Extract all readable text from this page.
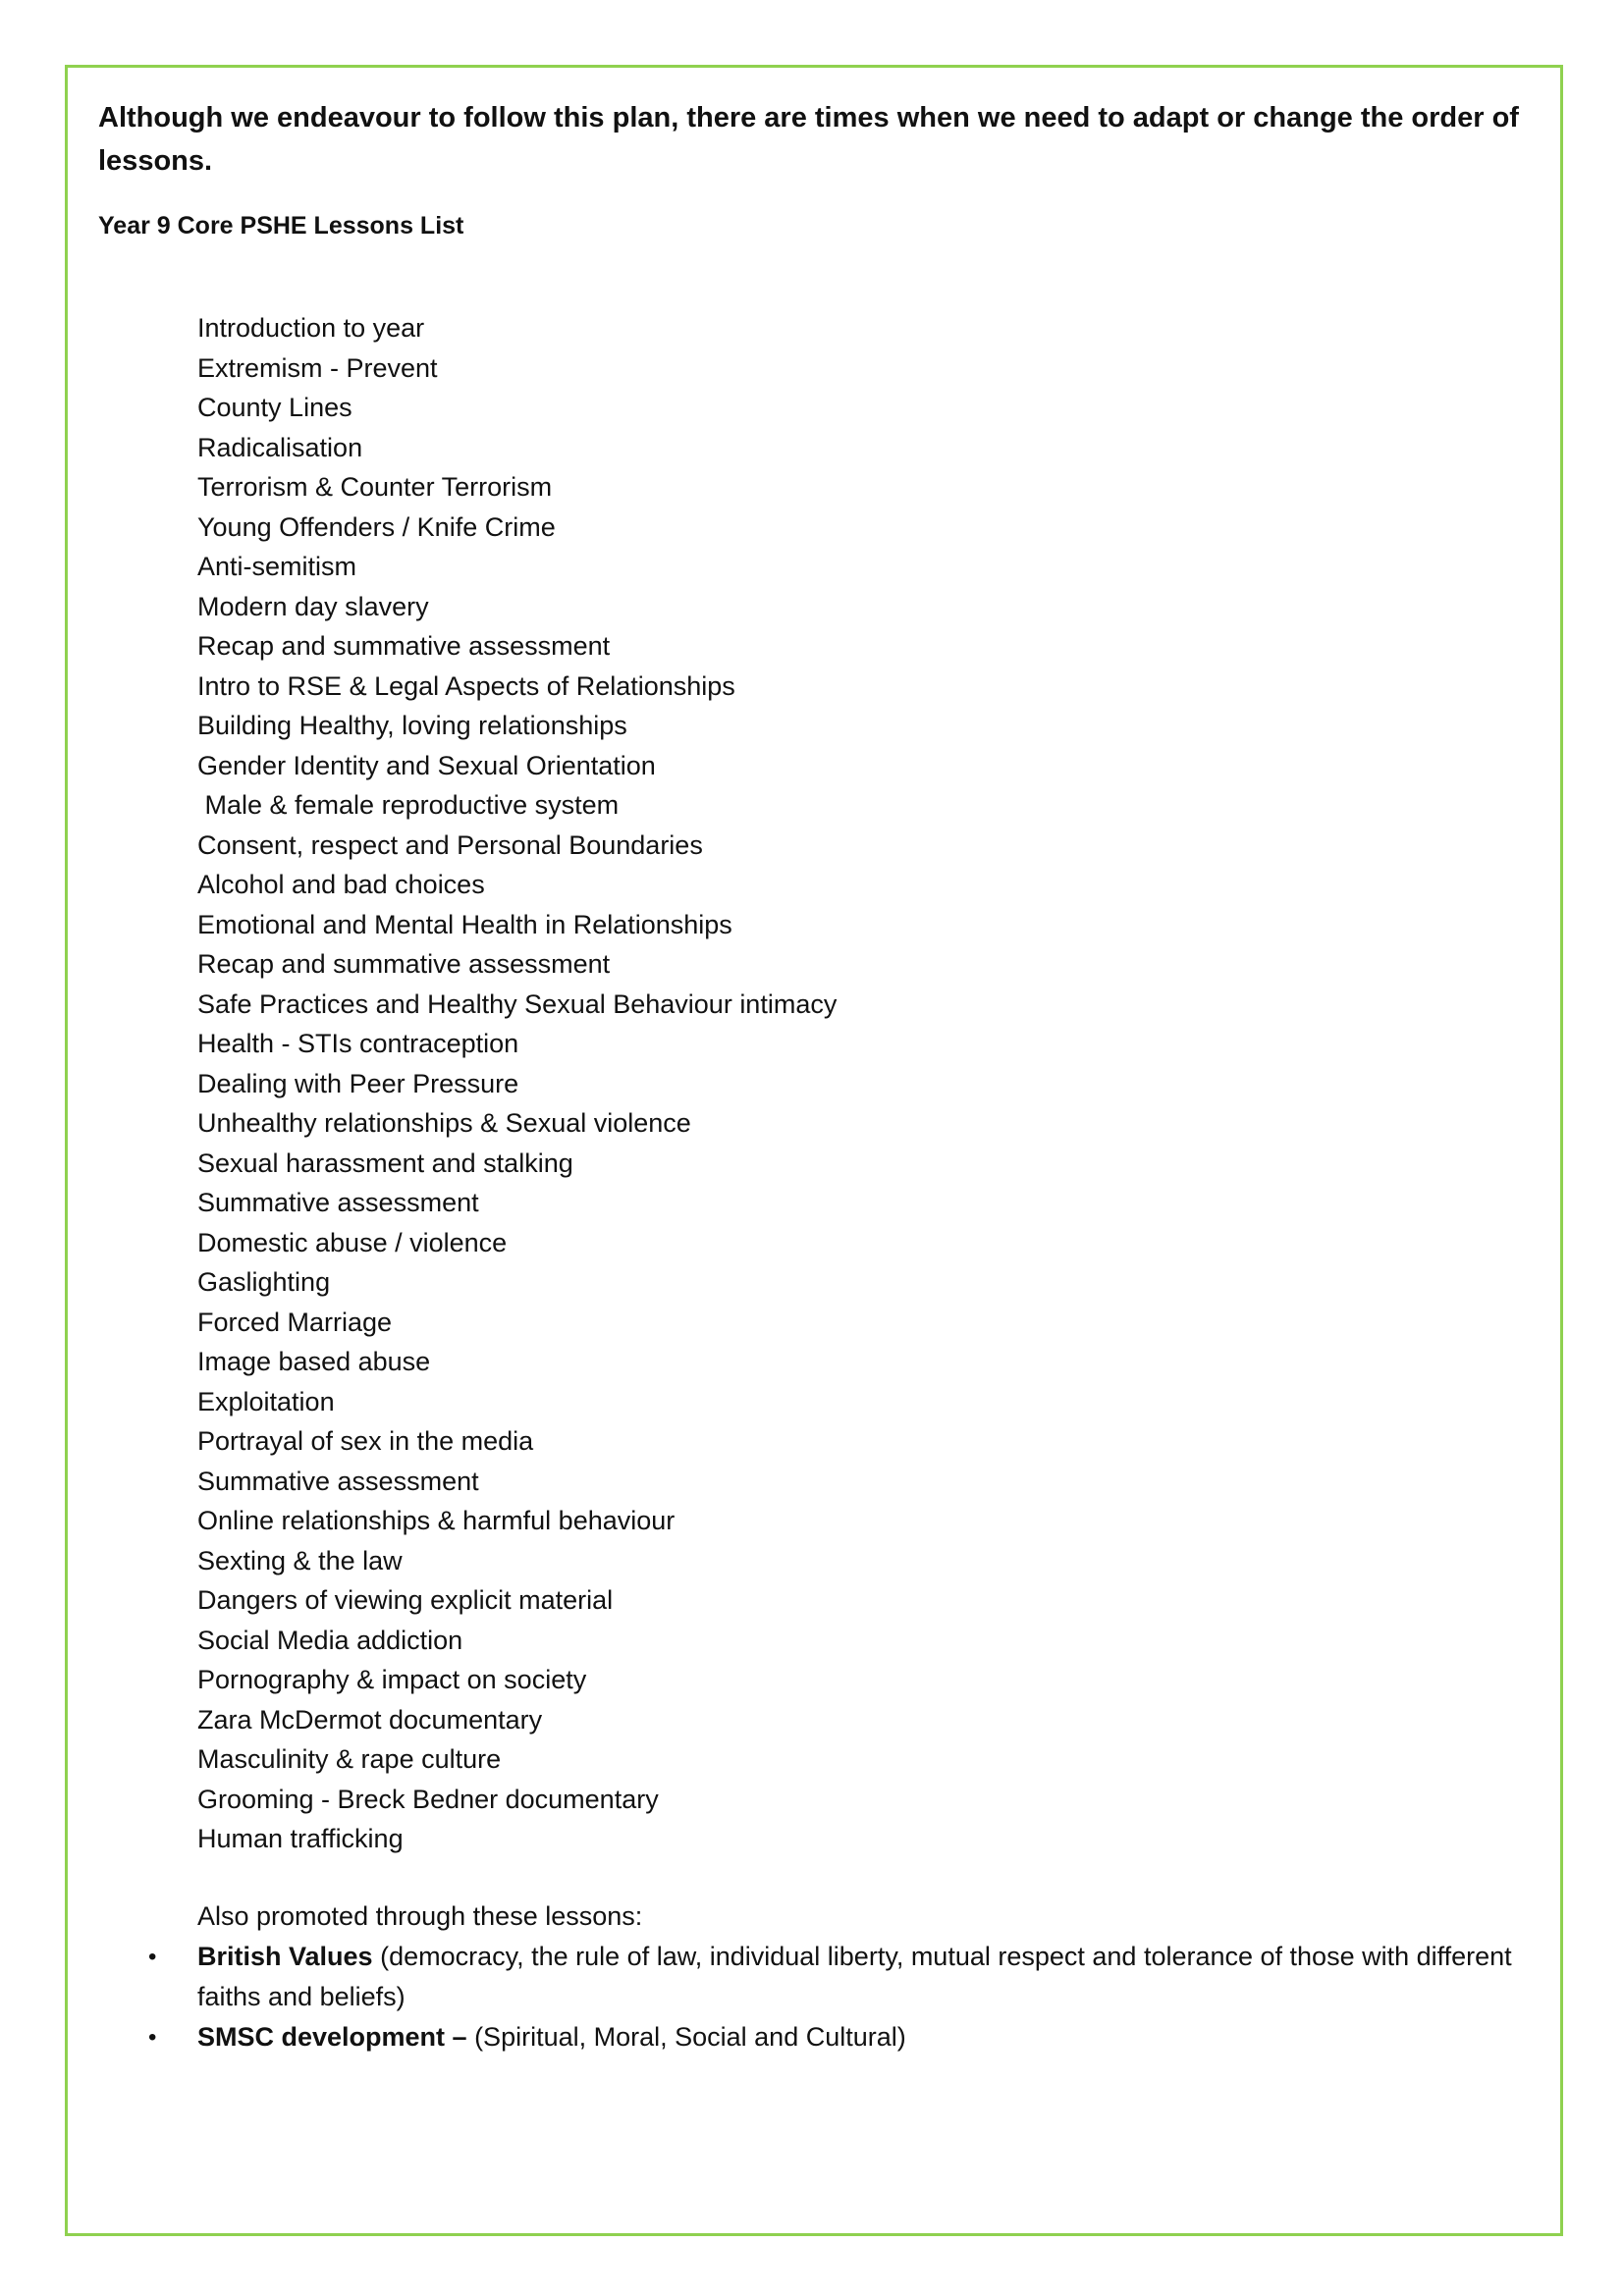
Although we endeavour to follow this plan, there are times when we need to adapt or change the order of lessons.

Year 9 Core PSHE Lessons List

Introduction to year
Extremism - Prevent
County Lines
Radicalisation
Terrorism & Counter Terrorism
Young Offenders / Knife Crime
Anti-semitism
Modern day slavery
Recap and summative assessment
Intro to RSE & Legal Aspects of Relationships
Building Healthy, loving relationships
Gender Identity and Sexual Orientation
Male & female reproductive system
Consent, respect and Personal Boundaries
Alcohol and bad choices
Emotional and Mental Health in Relationships
Recap and summative assessment
Safe Practices and Healthy Sexual Behaviour intimacy
Health - STIs contraception
Dealing with Peer Pressure
Unhealthy relationships & Sexual violence
Sexual harassment and stalking
Summative assessment
Domestic abuse / violence
Gaslighting
Forced Marriage
Image based abuse
Exploitation
Portrayal of sex in the media
Summative assessment
Online relationships & harmful behaviour
Sexting & the law
Dangers of viewing explicit material
Social Media addiction
Pornography & impact on society
Zara McDermot documentary
Masculinity & rape culture
Grooming - Breck Bedner documentary
Human trafficking

Also promoted through these lessons:

• British Values (democracy, the rule of law, individual liberty, mutual respect and tolerance of those with different faiths and beliefs)
• SMSC development – (Spiritual, Moral, Social and Cultural)
